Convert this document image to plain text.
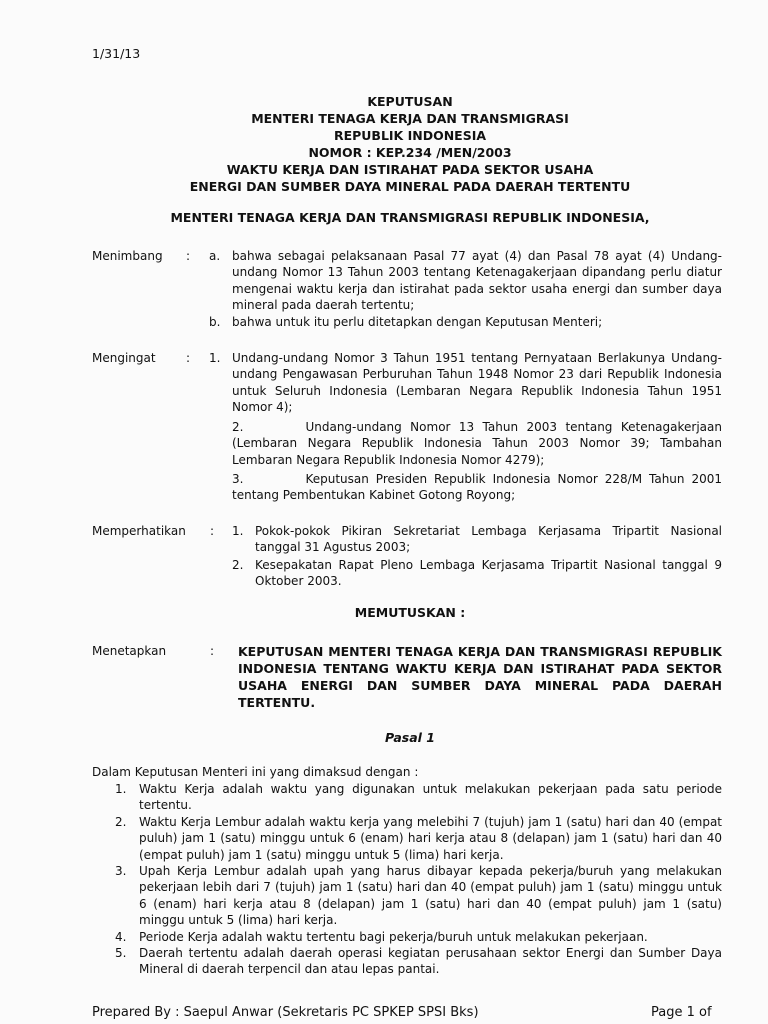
1/31/13
KEPUTUSAN
MENTERI TENAGA KERJA DAN TRANSMIGRASI
REPUBLIK INDONESIA
NOMOR : KEP.234 /MEN/2003
WAKTU KERJA DAN ISTIRAHAT PADA SEKTOR USAHA
ENERGI DAN SUMBER DAYA MINERAL PADA DAERAH TERTENTU
MENTERI TENAGA KERJA DAN TRANSMIGRASI REPUBLIK INDONESIA,
Menimbang : a. bahwa sebagai pelaksanaan Pasal 77 ayat (4) dan Pasal 78 ayat (4) Undang-undang Nomor 13 Tahun 2003 tentang Ketenagakerjaan dipandang perlu diatur mengenai waktu kerja dan istirahat pada sektor usaha energi dan sumber daya mineral pada daerah tertentu;
b. bahwa untuk itu perlu ditetapkan dengan Keputusan Menteri;
Mengingat	: 1. Undang-undang Nomor 3 Tahun 1951 tentang Pernyataan Berlakunya Undang-undang Pengawasan Perburuhan Tahun 1948 Nomor 23 dari Republik Indonesia untuk Seluruh Indonesia (Lembaran Negara Republik Indonesia Tahun 1951 Nomor 4);
2.	Undang-undang Nomor 13 Tahun 2003 tentang Ketenagakerjaan (Lembaran Negara Republik Indonesia Tahun 2003 Nomor 39; Tambahan Lembaran Negara Republik Indonesia Nomor 4279);
3.	Keputusan Presiden Republik Indonesia Nomor 228/M Tahun 2001 tentang Pembentukan Kabinet Gotong Royong;
Memperhatikan : 1. Pokok-pokok Pikiran Sekretariat Lembaga Kerjasama Tripartit Nasional tanggal 31 Agustus 2003;
2. Kesepakatan Rapat Pleno Lembaga Kerjasama Tripartit Nasional tanggal 9 Oktober 2003.
MEMUTUSKAN :
Menetapkan	: KEPUTUSAN MENTERI TENAGA KERJA DAN TRANSMIGRASI REPUBLIK INDONESIA TENTANG WAKTU KERJA DAN ISTIRAHAT PADA SEKTOR USAHA ENERGI DAN SUMBER DAYA MINERAL PADA DAERAH TERTENTU.
Pasal 1
Dalam Keputusan Menteri ini yang dimaksud dengan :
1. Waktu Kerja adalah waktu yang digunakan untuk melakukan pekerjaan pada satu periode tertentu.
2. Waktu Kerja Lembur adalah waktu kerja yang melebihi 7 (tujuh) jam 1 (satu) hari dan 40 (empat puluh) jam 1 (satu) minggu untuk 6 (enam) hari kerja atau 8 (delapan) jam 1 (satu) hari dan 40 (empat puluh) jam 1 (satu) minggu untuk 5 (lima) hari kerja.
3. Upah Kerja Lembur adalah upah yang harus dibayar kepada pekerja/buruh yang melakukan pekerjaan lebih dari 7 (tujuh) jam 1 (satu) hari dan 40 (empat puluh) jam 1 (satu) minggu untuk 6 (enam) hari kerja atau 8 (delapan) jam 1 (satu) hari dan 40 (empat puluh) jam 1 (satu) minggu untuk 5 (lima) hari kerja.
4. Periode Kerja adalah waktu tertentu bagi pekerja/buruh untuk melakukan pekerjaan.
5. Daerah tertentu adalah daerah operasi kegiatan perusahaan sektor Energi dan Sumber Daya Mineral di daerah terpencil dan atau lepas pantai.
Prepared By : Saepul Anwar (Sekretaris PC SPKEP SPSI Bks)	Page 1 of
